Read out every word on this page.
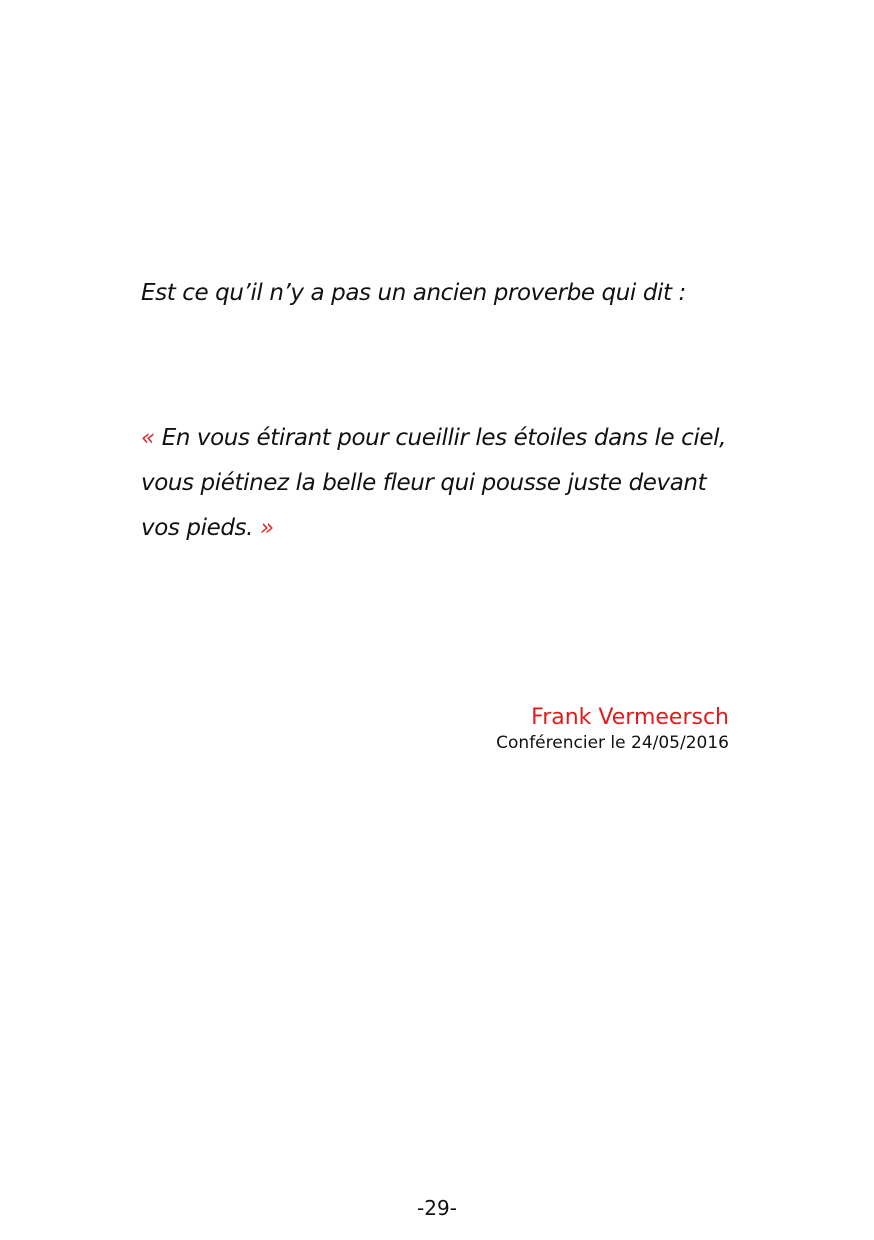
Est ce qu’il n’y a pas un ancien proverbe qui dit :

« En vous étirant pour cueillir les étoiles dans le ciel,
vous piétinez la belle fleur qui pousse juste devant
vos pieds. »

Frank Vermeersch
Conférencier le 24/05/2016
-29-
